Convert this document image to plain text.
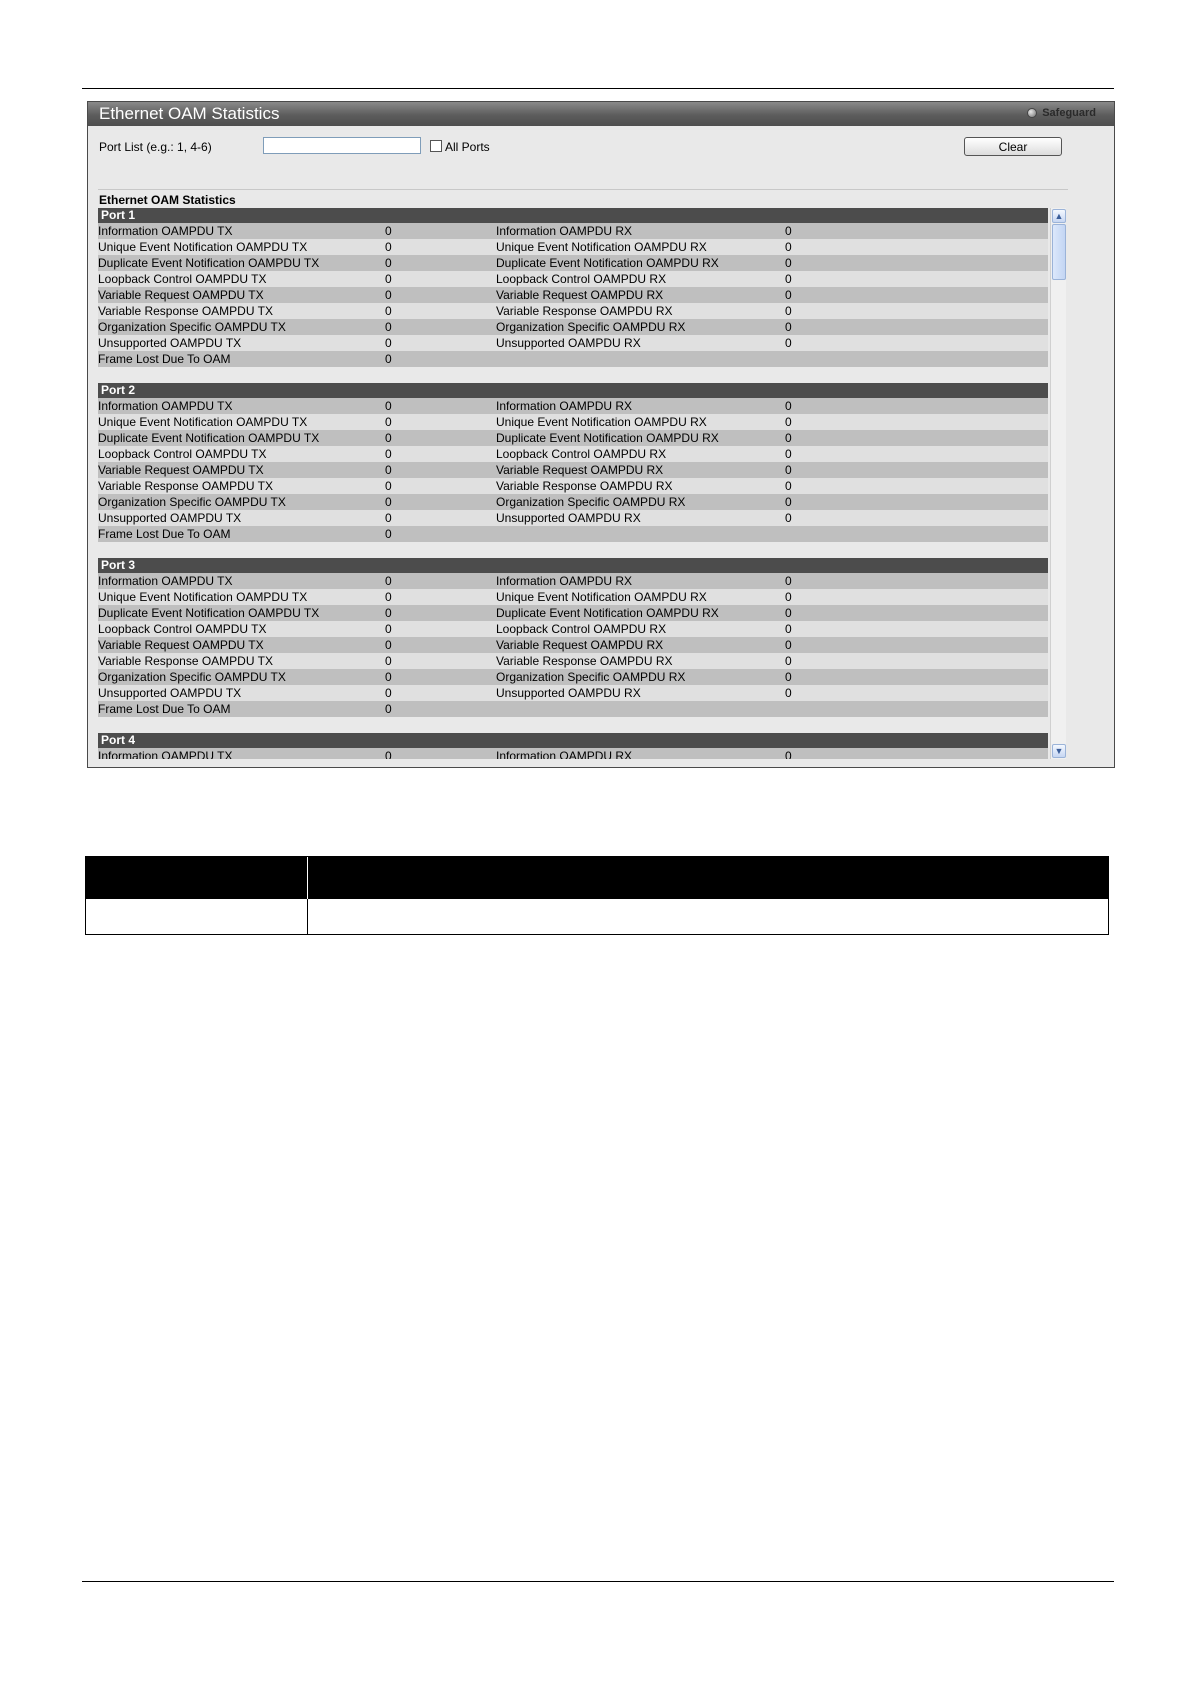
Ethernet OAM Statistics	Safeguard
Port List (e.g.: 1, 4-6)	All Ports	Clear
Ethernet OAM Statistics
Port 1
Information OAMPDU TX	0	Information OAMPDU RX	0
Unique Event Notification OAMPDU TX	0	Unique Event Notification OAMPDU RX	0
Duplicate Event Notification OAMPDU TX	0	Duplicate Event Notification OAMPDU RX	0
Loopback Control OAMPDU TX	0	Loopback Control OAMPDU RX	0
Variable Request OAMPDU TX	0	Variable Request OAMPDU RX	0
Variable Response OAMPDU TX	0	Variable Response OAMPDU RX	0
Organization Specific OAMPDU TX	0	Organization Specific OAMPDU RX	0
Unsupported OAMPDU TX	0	Unsupported OAMPDU RX	0
Frame Lost Due To OAM	0
Port 2
Information OAMPDU TX	0	Information OAMPDU RX	0
Unique Event Notification OAMPDU TX	0	Unique Event Notification OAMPDU RX	0
Duplicate Event Notification OAMPDU TX	0	Duplicate Event Notification OAMPDU RX	0
Loopback Control OAMPDU TX	0	Loopback Control OAMPDU RX	0
Variable Request OAMPDU TX	0	Variable Request OAMPDU RX	0
Variable Response OAMPDU TX	0	Variable Response OAMPDU RX	0
Organization Specific OAMPDU TX	0	Organization Specific OAMPDU RX	0
Unsupported OAMPDU TX	0	Unsupported OAMPDU RX	0
Frame Lost Due To OAM	0
Port 3
Information OAMPDU TX	0	Information OAMPDU RX	0
Unique Event Notification OAMPDU TX	0	Unique Event Notification OAMPDU RX	0
Duplicate Event Notification OAMPDU TX	0	Duplicate Event Notification OAMPDU RX	0
Loopback Control OAMPDU TX	0	Loopback Control OAMPDU RX	0
Variable Request OAMPDU TX	0	Variable Request OAMPDU RX	0
Variable Response OAMPDU TX	0	Variable Response OAMPDU RX	0
Organization Specific OAMPDU TX	0	Organization Specific OAMPDU RX	0
Unsupported OAMPDU TX	0	Unsupported OAMPDU RX	0
Frame Lost Due To OAM	0
Port 4
Information OAMPDU TX	0	Information OAMPDU RX	0
▲
▼
